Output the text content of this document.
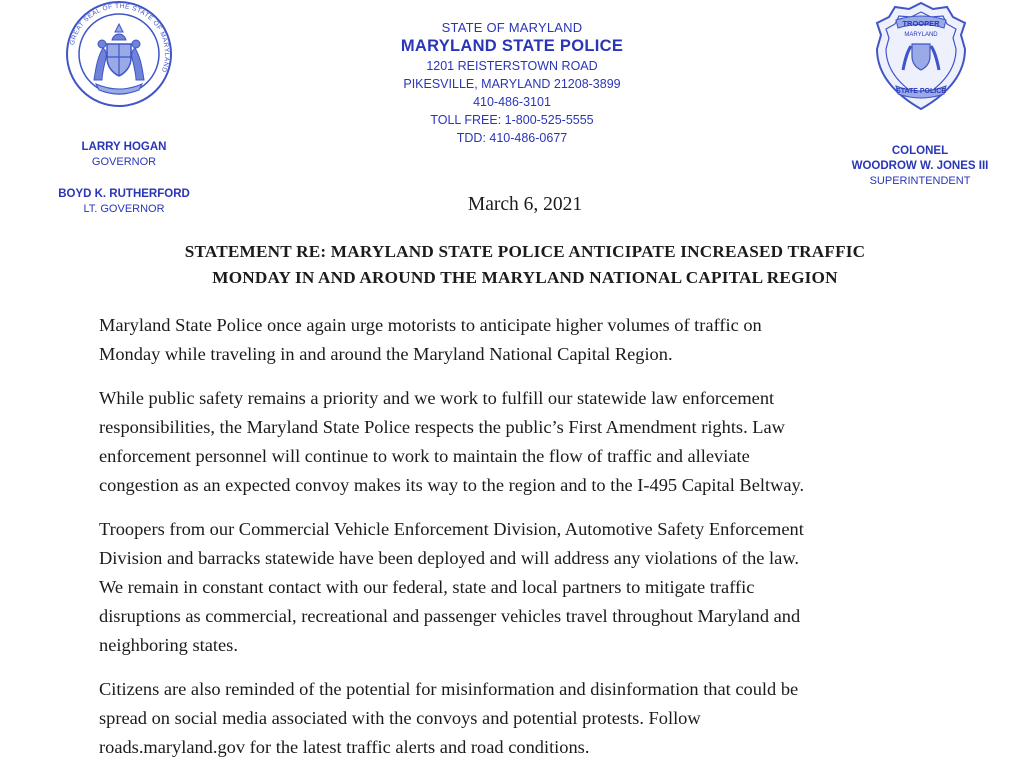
GREAT SEAL OF THE STATE OF MARYLAND
STATE OF MARYLAND
MARYLAND STATE POLICE
1201 REISTERSTOWN ROAD
PIKESVILLE, MARYLAND 21208-3899
410-486-3101
TOLL FREE: 1-800-525-5555
TDD: 410-486-0677
TROOPER
MARYLAND
STATE POLICE
LARRY HOGAN
GOVERNOR
BOYD K. RUTHERFORD
LT. GOVERNOR
COLONEL
WOODROW W. JONES III
SUPERINTENDENT
March 6, 2021
STATEMENT RE: MARYLAND STATE POLICE ANTICIPATE INCREASED TRAFFIC
MONDAY IN AND AROUND THE MARYLAND NATIONAL CAPITAL REGION

Maryland State Police once again urge motorists to anticipate higher volumes of traffic on
Monday while traveling in and around the Maryland National Capital Region.

While public safety remains a priority and we work to fulfill our statewide law enforcement
responsibilities, the Maryland State Police respects the public’s First Amendment rights. Law
enforcement personnel will continue to work to maintain the flow of traffic and alleviate
congestion as an expected convoy makes its way to the region and to the I-495 Capital Beltway.

Troopers from our Commercial Vehicle Enforcement Division, Automotive Safety Enforcement
Division and barracks statewide have been deployed and will address any violations of the law.
We remain in constant contact with our federal, state and local partners to mitigate traffic
disruptions as commercial, recreational and passenger vehicles travel throughout Maryland and
neighboring states.

Citizens are also reminded of the potential for misinformation and disinformation that could be
spread on social media associated with the convoys and potential protests. Follow
roads.maryland.gov for the latest traffic alerts and road conditions.
